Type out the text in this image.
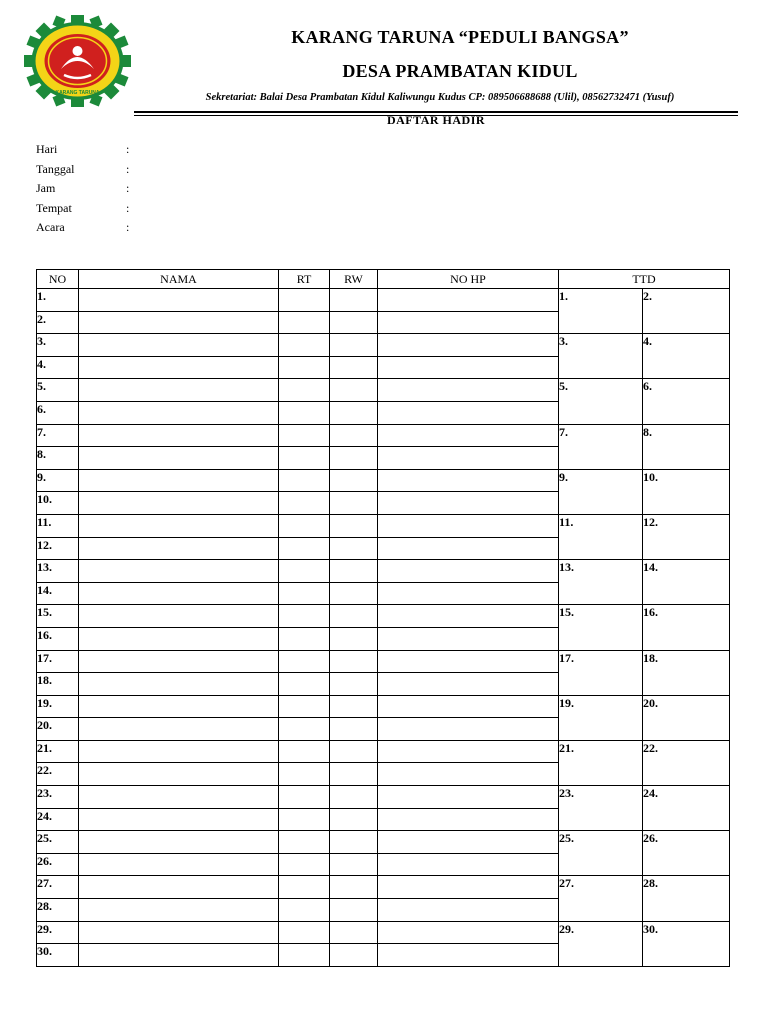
KARANG TARUNA
KARANG TARUNA “PEDULI BANGSA”
DESA PRAMBATAN KIDUL
Sekretariat: Balai Desa Prambatan Kidul Kaliwungu Kudus CP: 089506688688 (Ulil), 08562732471 (Yusuf)
DAFTAR HADIR
Hari	:
Tanggal	:
Jam	:
Tempat	:
Acara	:
NO	NAMA	RT	RW	NO HP	TTD	
1.					1.	2.
2.						
3.					3.	4.
4.						
5.					5.	6.
6.						
7.					7.	8.
8.						
9.					9.	10.
10.						
11.					11.	12.
12.						
13.					13.	14.
14.						
15.					15.	16.
16.						
17.					17.	18.
18.						
19.					19.	20.
20.						
21.					21.	22.
22.						
23.					23.	24.
24.						
25.					25.	26.
26.						
27.					27.	28.
28.						
29.					29.	30.
30.						
